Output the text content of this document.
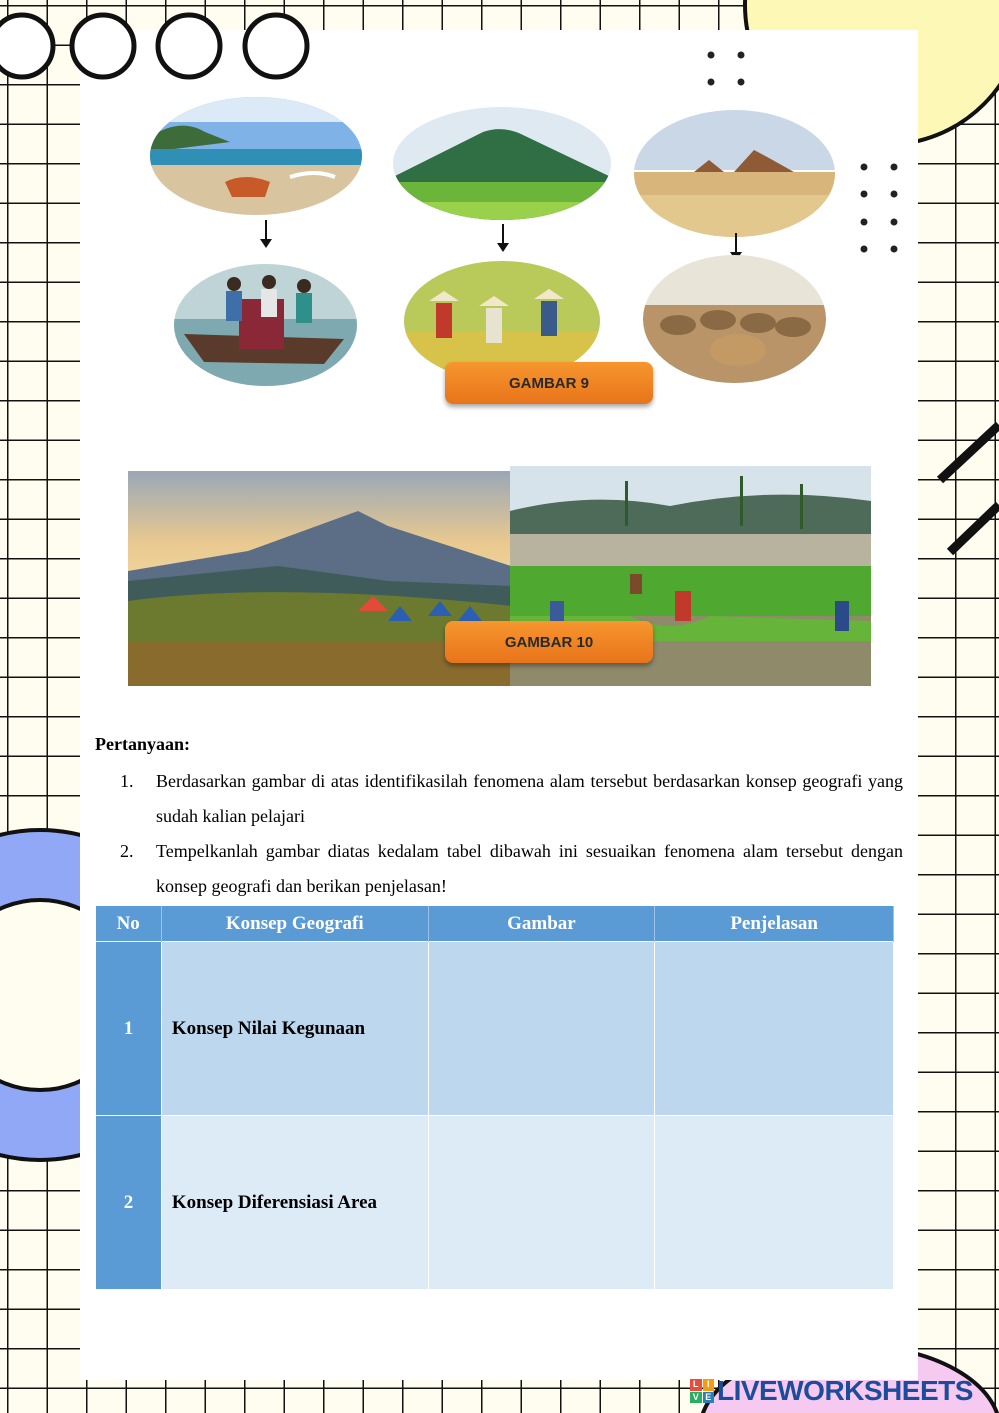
GAMBAR 9
GAMBAR 10
Pertanyaan:
1.	Berdasarkan gambar di atas identifikasilah fenomena alam tersebut berdasarkan konsep geografi yang sudah kalian pelajari
2.	Tempelkanlah gambar diatas kedalam tabel dibawah ini sesuaikan fenomena alam tersebut dengan konsep geografi dan berikan penjelasan!
No	Konsep Geografi	Gambar	Penjelasan
1	Konsep Nilai Kegunaan		
2	Konsep Diferensiasi Area		
L I
V E LIVEWORKSHEETS
